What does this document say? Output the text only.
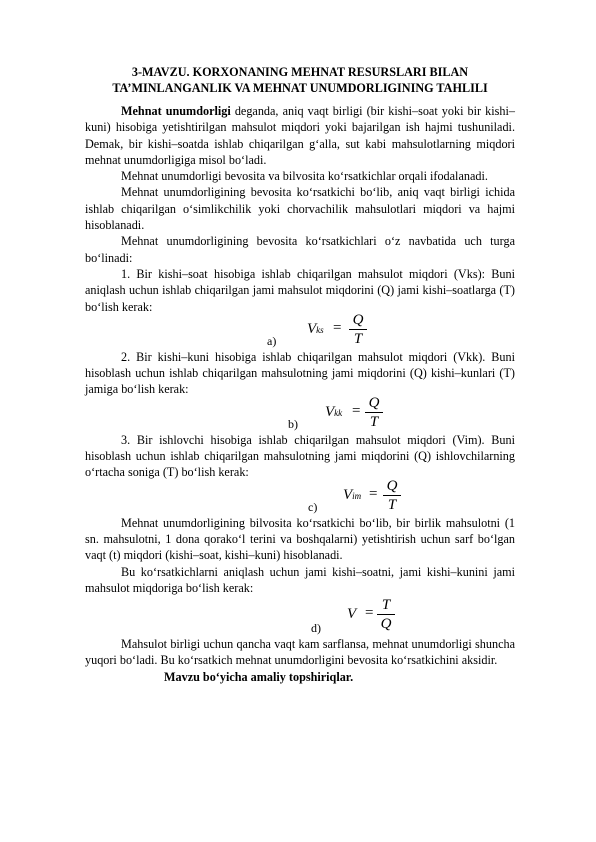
3-MAVZU. KORXONANING MEHNAT RESURSLARI BILAN
TA’MINLANGANLIK VA MEHNAT UNUMDORLIGINING TAHLILI

Mehnat unumdorligi deganda, aniq vaqt birligi (bir kishi–soat yoki bir kishi–kuni) hisobiga yetishtirilgan mahsulot miqdori yoki bajarilgan ish hajmi tushuniladi. Demak, bir kishi–soatda ishlab chiqarilgan g‘alla, sut kabi mahsulotlarning miqdori mehnat unumdorligiga misol bo‘ladi.

Mehnat unumdorligi bevosita va bilvosita ko‘rsatkichlar orqali ifodalanadi.

Mehnat unumdorligining bevosita ko‘rsatkichi bo‘lib, aniq vaqt birligi ichida ishlab chiqarilgan o‘simlikchilik yoki chorvachilik mahsulotlari miqdori va hajmi hisoblanadi.

Mehnat unumdorligining bevosita ko‘rsatkichlari o‘z navbatida uch turga bo‘linadi:

1. Bir kishi–soat hisobiga ishlab chiqarilgan mahsulot miqdori (Vks): Buni aniqlash uchun ishlab chiqarilgan jami mahsulot miqdorini (Q) jami kishi–soatlarga (T) bo‘lish kerak:

a)
Vks = Q
T

2. Bir kishi–kuni hisobiga ishlab chiqarilgan mahsulot miqdori (Vkk). Buni hisoblash uchun ishlab chiqarilgan mahsulotning jami miqdorini (Q) kishi–kunlari (T) jamiga bo‘lish kerak:

b)
Vkk = Q
T

3. Bir ishlovchi hisobiga ishlab chiqarilgan mahsulot miqdori (Vim). Buni hisoblash uchun ishlab chiqarilgan mahsulotning jami miqdorini (Q) ishlovchilarning o‘rtacha soniga (T) bo‘lish kerak:

c)
Vim = Q
T

Mehnat unumdorligining bilvosita ko‘rsatkichi bo‘lib, bir birlik mahsulotni (1 sn. mahsulotni, 1 dona qorako‘l terini va boshqalarni) yetishtirish uchun sarf bo‘lgan vaqt (t) miqdori (kishi–soat, kishi–kuni) hisoblanadi.

Bu ko‘rsatkichlarni aniqlash uchun jami kishi–soatni, jami kishi–kunini jami mahsulot miqdoriga bo‘lish kerak:

d)
V = T
Q

Mahsulot birligi uchun qancha vaqt kam sarflansa, mehnat unumdorligi shuncha yuqori bo‘ladi. Bu ko‘rsatkich mehnat unumdorligini bevosita ko‘rsatkichini aksidir.

Mavzu bo‘yicha amaliy topshiriqlar.
